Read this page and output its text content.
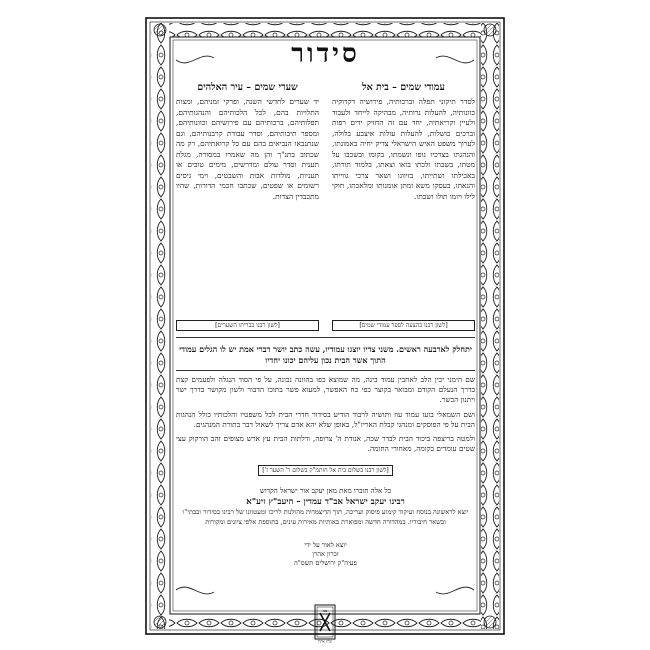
סידור
עמודי שמים – בית אל
לסדר תיקוני תפלה וברכותיה, פירושיה דקדוקיה כוונותיה, להעלות נרותיה, מבהיקה לייחד ולעבוד ולעיין וקריאתיה, יחד עם זה החזיק ידים רפות וברכים כושלות, להעלות עולות איצבע בלולה, לערוך משפט האיש הישראלי צדיק יחיה באמונתו, והנהגתו בצרכיו גופו ונשמתו, בקומו ובשכבו על מטתו, בשבתו ולכתו בואו וצאתו, בלמוד תורתו, באכילתו ושתייתו, בזיווגו ושאר צרכי גווייתו והנאתו, בעסקו משא ומתן אומנותו ומלאכתו, חוקי לילו ויומו תולו ושבתו.
[לשון רבנו בהצעה לספר עמודי שמים]
שערי שמים – עיר האלהים
יד שערים לחדשי השנה, ופרקי זמניהם, ומצות התלויות בהם, לכל הלכותיהם והנהגותיהם, תפלותיהם, ברכותיהם עם פירושיהם וכוונותיהם, ומספר תיבותיהם, וסדר עבודת קרבנותיהם, וגם שנתנבאו הנביאים בהם עם כל קרואתיהם, רק מה שכתוב בתנ"ך והן מה שאמרו במסורה, מגלת תענית וסדר עולם ומדרשים, מימים טובים או תעניות, מולדות אבות והשבטים, וימי גיסים רשומים או שפטים, שכתבו חכמי הדורות, שהיו מתכבדין הצדות.
[לשון רבנו בבריתו השערים]
יתחלק לארבעה ראשים. משני צדיו יוצגו עמודיו, עשה כתב יושר דברי אמת יש לו הגלים עמודי התוך אשר הבית נכון עליהם יכונו יחדיו
שם הימני יכין הלב לאחבין עמוד בינה, מה שמוצא כפו בהוונה נכונה, על פי הסוד הנגלה ולפעמים קצת בדרך הנעלם הקודם ומבואר בקוצר כפי כח האפשר, למעוא פשר בתוכו הדבור ולשון מקושר בדרך ישר ויתנון הכשר.
ושם השמאלי בועז עמוד עוז ותושיה לרבוד הודיע בסידור חדרי הבית לכל משפטיו והלכותיו כולל הנהגות הבית על פי הפוסקים ומנהגי קבלת האריז"ל, באופן שלא יהא אדם צריך לשאול דבר בתורת המנהגים.
ולמטה בריצפה ביכוד הבית לבדר שכה, אנודת ה' צרופה, ודלתות הבית עץ ארש מצופים זהב הורקוק עצי שטים עומדים בקומה, מאחורי החומה.
[לשון רבנו בשלום בית אל חותמ"ק בשלום ר' השער ז']
כל אלה חוברו מאת מאן יעקב אור ישראל הקדוש
רבינו יעקב ישראל אב"ד עמדין – היעב"ץ זיע"א
יוצא לראשונה בנוסח ועיקוד קימוע פיסוק ועריכה, תוך הדיצמדות מהולנות לריכו ומעטוונו של רבינו בסידור ובבתי"ו ובשאר חיבוריו. במהדורה חדשה ומפוארת באותיות מאירות עינים, בתוספת אלפי ציונים ומקורות
יוצא לאור על ידי
זכרון אהרן
פעיה"ק ירושלים תשס"ה
סמ
זכרון אהרן
